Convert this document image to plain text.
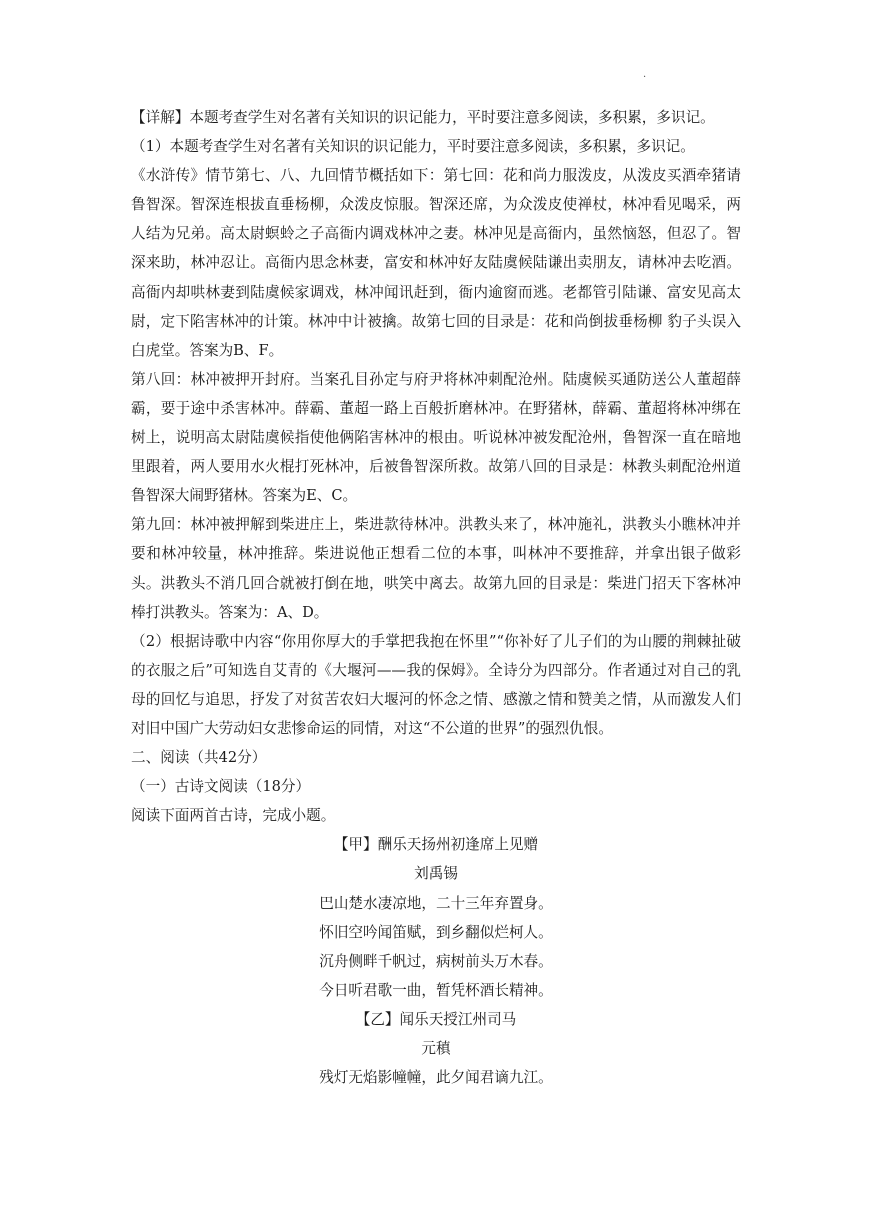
·

【详解】本题考查学生对名著有关知识的识记能力，平时要注意多阅读，多积累，多识记。

（1）本题考查学生对名著有关知识的识记能力，平时要注意多阅读，多积累，多识记。

《水浒传》情节第七、八、九回情节概括如下：第七回：花和尚力服泼皮，从泼皮买酒牵猪请鲁智深。智深连根拔直垂杨柳，众泼皮惊服。智深还席，为众泼皮使禅杖，林冲看见喝采，两人结为兄弟。高太尉螟蛉之子高衙内调戏林冲之妻。林冲见是高衙内，虽然恼怒，但忍了。智深来助，林冲忍让。高衙内思念林妻，富安和林冲好友陆虞候陆谦出卖朋友，请林冲去吃酒。高衙内却哄林妻到陆虞候家调戏，林冲闻讯赶到，衙内逾窗而逃。老都管引陆谦、富安见高太尉，定下陷害林冲的计策。林冲中计被擒。故第七回的目录是：花和尚倒拔垂杨柳 豹子头误入白虎堂。答案为B、F。

第八回：林冲被押开封府。当案孔目孙定与府尹将林冲刺配沧州。陆虞候买通防送公人董超薛霸，要于途中杀害林冲。薛霸、董超一路上百般折磨林冲。在野猪林，薛霸、董超将林冲绑在树上，说明高太尉陆虞候指使他俩陷害林冲的根由。听说林冲被发配沧州，鲁智深一直在暗地里跟着，两人要用水火棍打死林冲，后被鲁智深所救。故第八回的目录是：林教头刺配沧州道 鲁智深大闹野猪林。答案为E、C。

第九回：林冲被押解到柴进庄上，柴进款待林冲。洪教头来了，林冲施礼，洪教头小瞧林冲并要和林冲较量，林冲推辞。柴进说他正想看二位的本事，叫林冲不要推辞，并拿出银子做彩头。洪教头不消几回合就被打倒在地，哄笑中离去。故第九回的目录是：柴进门招天下客林冲棒打洪教头。答案为：A、D。

（2）根据诗歌中内容“你用你厚大的手掌把我抱在怀里”“你补好了儿子们的为山腰的荆棘扯破的衣服之后”可知选自艾青的《大堰河——我的保姆》。全诗分为四部分。作者通过对自己的乳母的回忆与追思，抒发了对贫苦农妇大堰河的怀念之情、感激之情和赞美之情，从而激发人们对旧中国广大劳动妇女悲惨命运的同情，对这“不公道的世界”的强烈仇恨。

二、阅读（共42分）

（一）古诗文阅读（18分）

阅读下面两首古诗，完成小题。

【甲】酬乐天扬州初逢席上见赠

刘禹锡

巴山楚水凄凉地，二十三年弃置身。

怀旧空吟闻笛赋，到乡翻似烂柯人。

沉舟侧畔千帆过，病树前头万木春。

今日听君歌一曲，暂凭杯酒长精神。

【乙】闻乐天授江州司马

元稹

残灯无焰影幢幢，此夕闻君谪九江。
